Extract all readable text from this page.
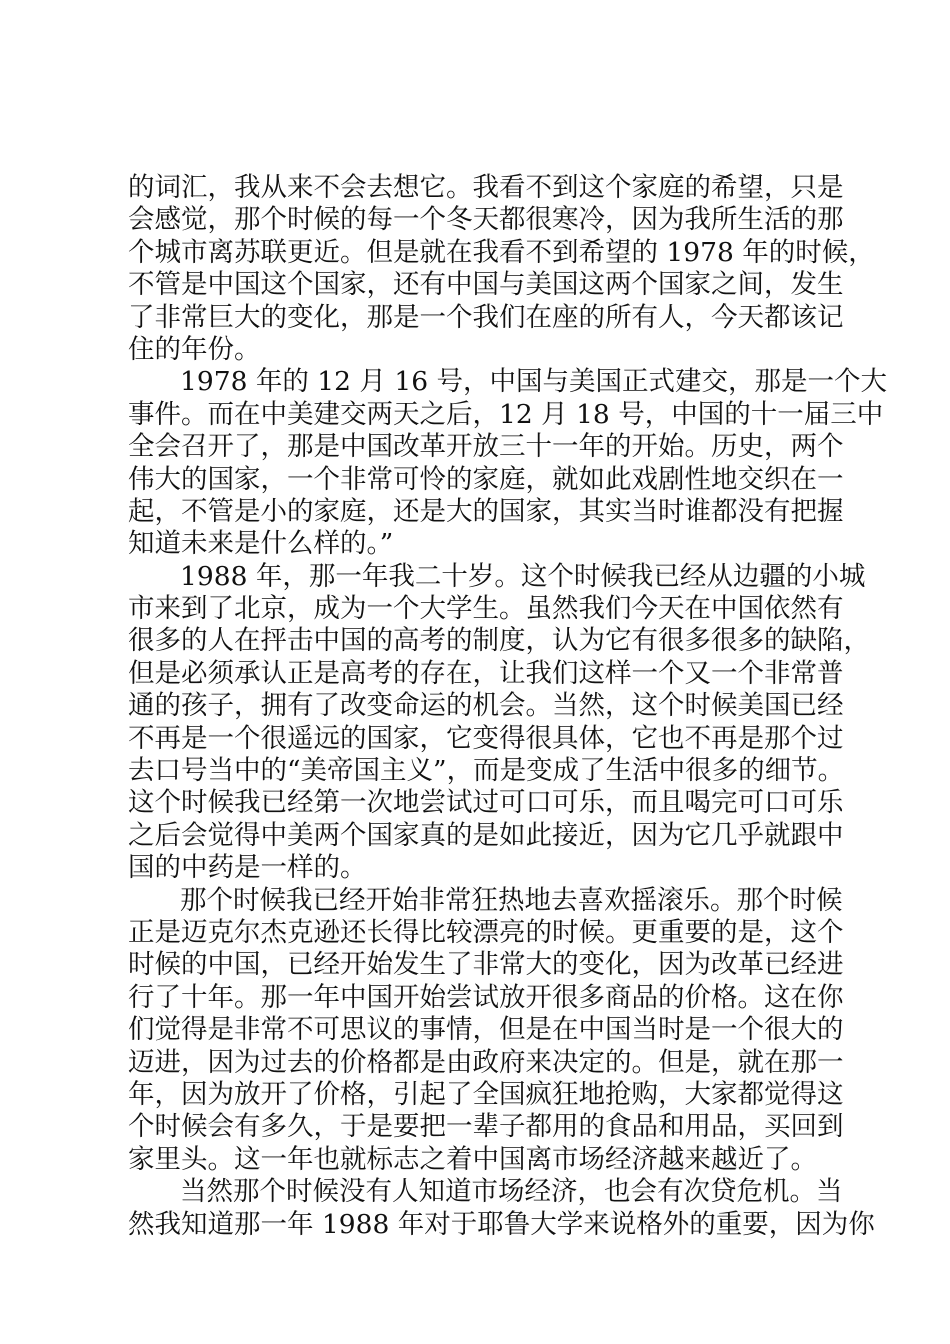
的词汇，我从来不会去想它。我看不到这个家庭的希望，只是
会感觉，那个时候的每一个冬天都很寒冷，因为我所生活的那
个城市离苏联更近。但是就在我看不到希望的 1978 年的时候，
不管是中国这个国家，还有中国与美国这两个国家之间，发生
了非常巨大的变化，那是一个我们在座的所有人，今天都该记
住的年份。
1978 年的 12 月 16 号，中国与美国正式建交，那是一个大
事件。而在中美建交两天之后，12 月 18 号，中国的十一届三中
全会召开了，那是中国改革开放三十一年的开始。历史，两个
伟大的国家，一个非常可怜的家庭，就如此戏剧性地交织在一
起，不管是小的家庭，还是大的国家，其实当时谁都没有把握
知道未来是什么样的。”
1988 年，那一年我二十岁。这个时候我已经从边疆的小城
市来到了北京，成为一个大学生。虽然我们今天在中国依然有
很多的人在抨击中国的高考的制度，认为它有很多很多的缺陷，
但是必须承认正是高考的存在，让我们这样一个又一个非常普
通的孩子，拥有了改变命运的机会。当然，这个时候美国已经
不再是一个很遥远的国家，它变得很具体，它也不再是那个过
去口号当中的“美帝国主义”，而是变成了生活中很多的细节。
这个时候我已经第一次地尝试过可口可乐，而且喝完可口可乐
之后会觉得中美两个国家真的是如此接近，因为它几乎就跟中
国的中药是一样的。
那个时候我已经开始非常狂热地去喜欢摇滚乐。那个时候
正是迈克尔杰克逊还长得比较漂亮的时候。更重要的是，这个
时候的中国，已经开始发生了非常大的变化，因为改革已经进
行了十年。那一年中国开始尝试放开很多商品的价格。这在你
们觉得是非常不可思议的事情，但是在中国当时是一个很大的
迈进，因为过去的价格都是由政府来决定的。但是，就在那一
年，因为放开了价格，引起了全国疯狂地抢购，大家都觉得这
个时候会有多久，于是要把一辈子都用的食品和用品，买回到
家里头。这一年也就标志之着中国离市场经济越来越近了。
当然那个时候没有人知道市场经济，也会有次贷危机。当
然我知道那一年 1988 年对于耶鲁大学来说格外的重要，因为你
